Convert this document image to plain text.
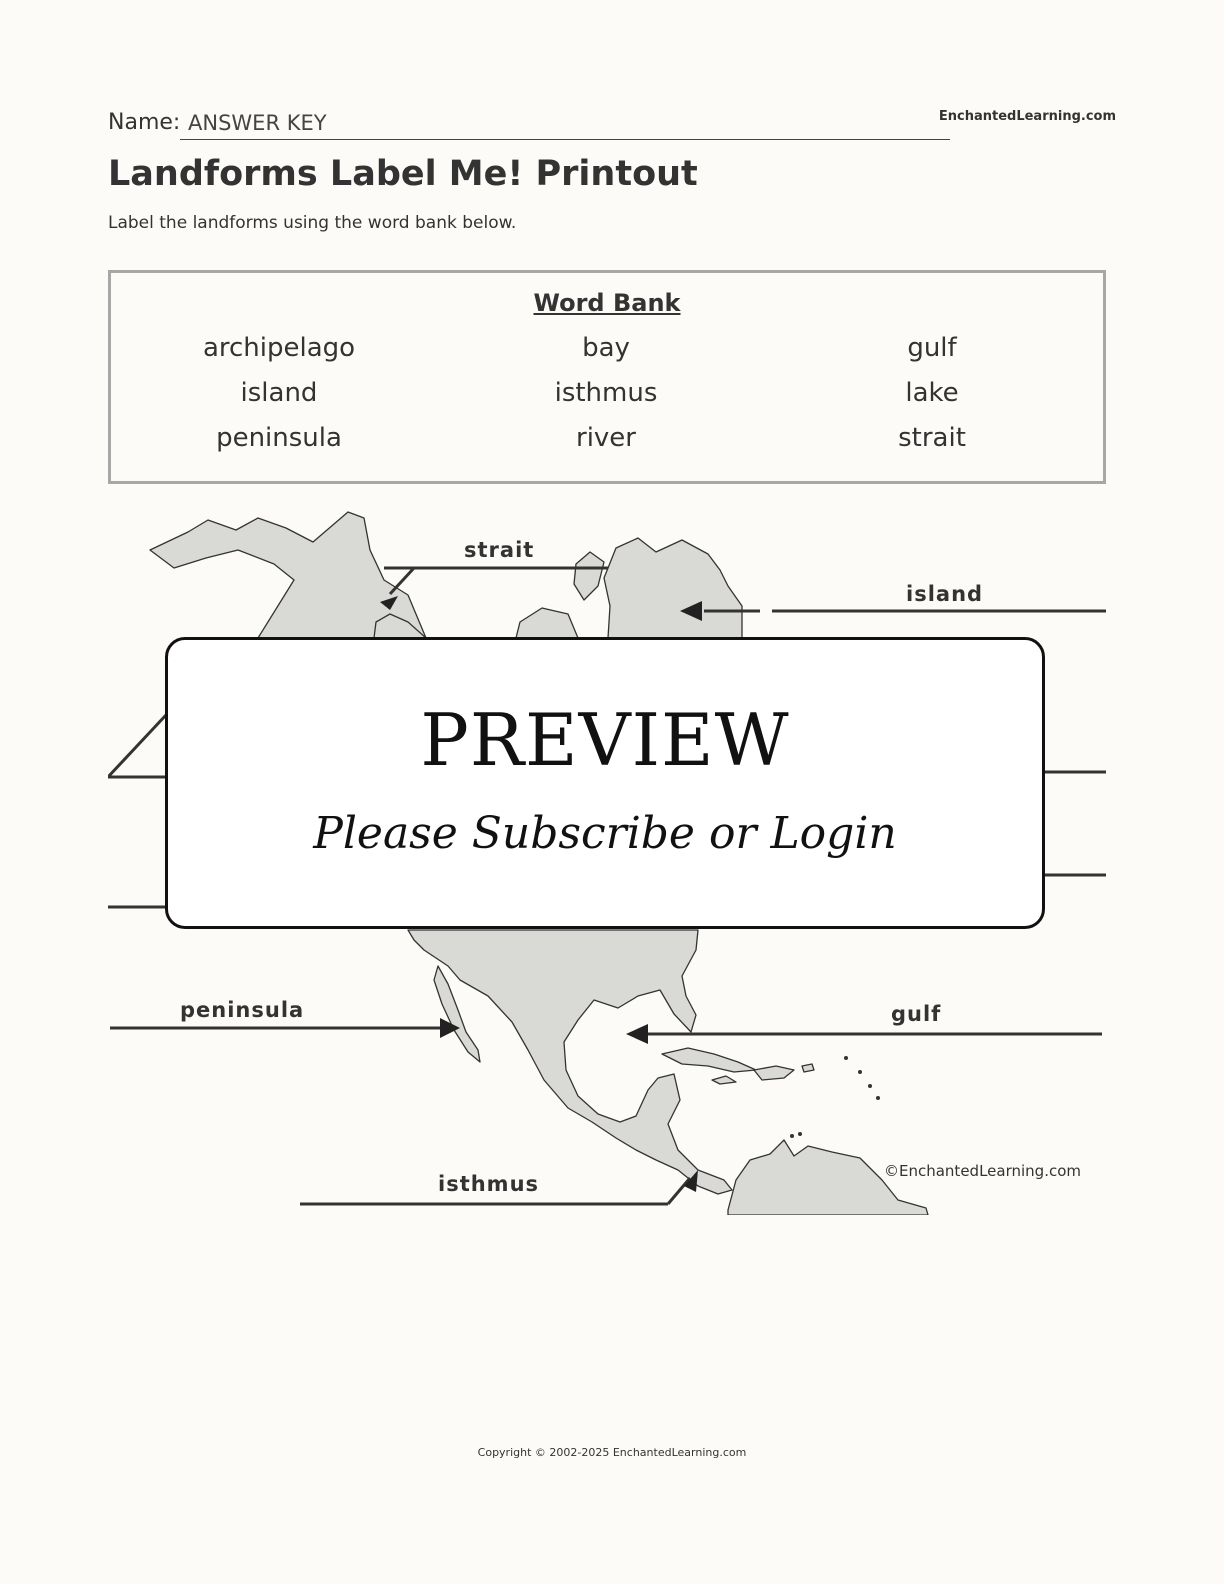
Name: ANSWER KEY	EnchantedLearning.com
Landforms Label Me! Printout
Label the landforms using the word bank below.
Word Bank
archipelago	bay	gulf
island	isthmus	lake
peninsula	river	strait
strait
island
peninsula	gulf
isthmus
©EnchantedLearning.com
PREVIEW
Please Subscribe or Login
Copyright © 2002-2025 EnchantedLearning.com
